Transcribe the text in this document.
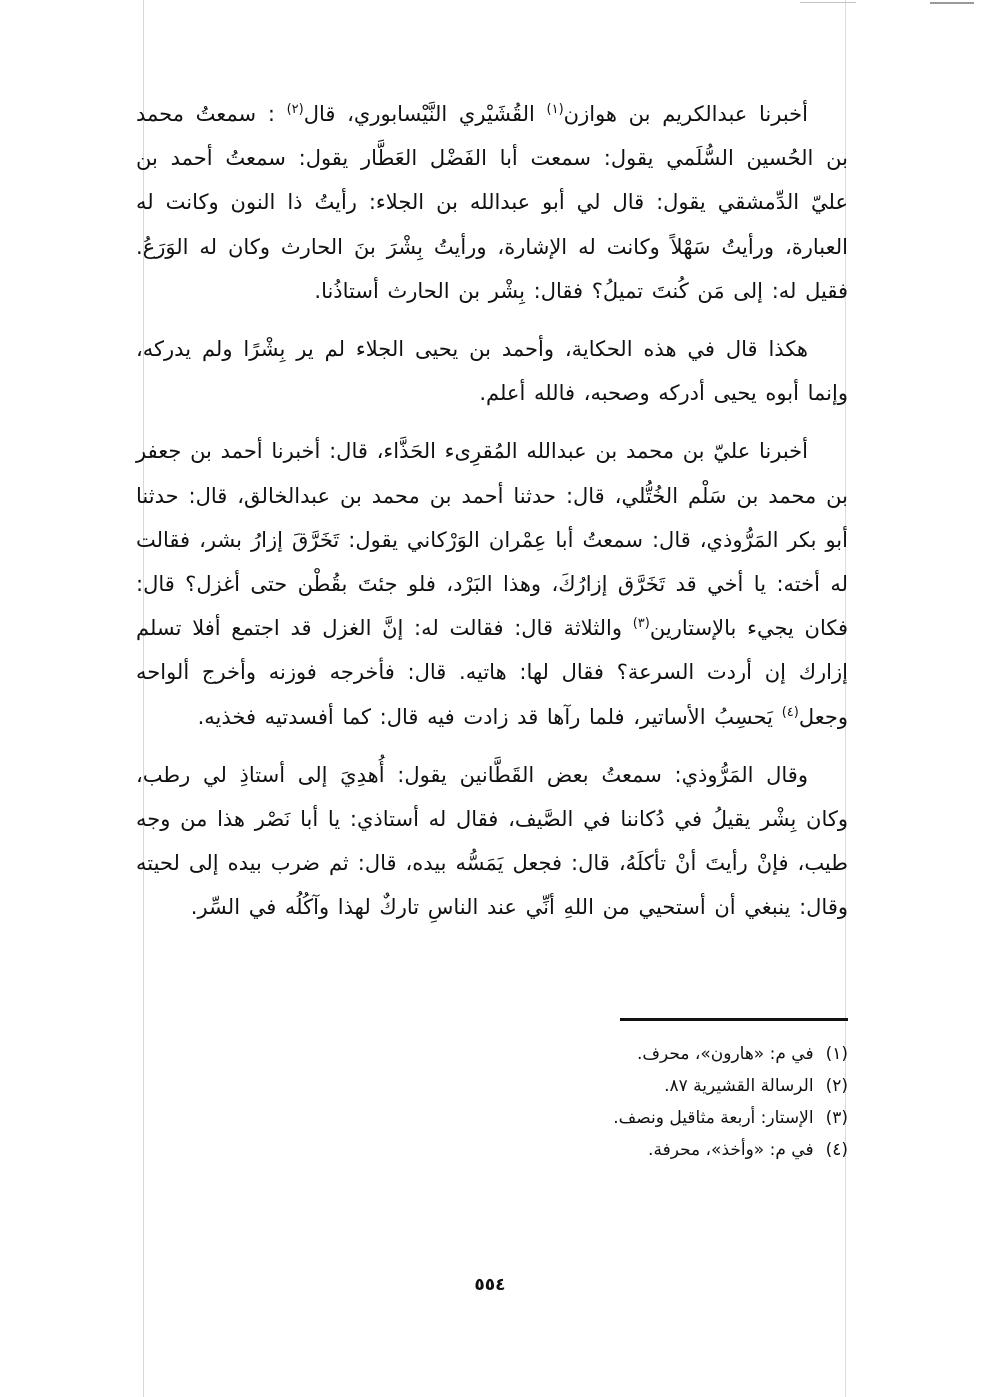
أخبرنا عبدالكريم بن هوازن$^{(١)}$ القُشَيْري النَّيْسابوري، قال$^{(٢)}$ : سمعتُ محمد بن الحُسين السُّلَمي يقول: سمعت أبا الفَضْل العَطَّار يقول: سمعتُ أحمد بن عليّ الدِّمشقي يقول: قال لي أبو عبدالله بن الجلاء: رأيتُ ذا النون وكانت له العبارة، ورأيتُ سَهْلاً وكانت له الإشارة، ورأيتُ بِشْرَ بنَ الحارث وكان له الوَرَعُ. فقيل له: إلى مَن كُنتَ تميلُ؟ فقال: بِشْر بن الحارث أستاذُنا.

هكذا قال في هذه الحكاية، وأحمد بن يحيى الجلاء لم ير بِشْرًا ولم يدركه، وإنما أبوه يحيى أدركه وصحبه، فالله أعلم.

أخبرنا عليّ بن محمد بن عبدالله المُقرِىء الحَذَّاء، قال: أخبرنا أحمد بن جعفر بن محمد بن سَلْم الخُتُّلي، قال: حدثنا أحمد بن محمد بن عبدالخالق، قال: حدثنا أبو بكر المَرُّوذي، قال: سمعتُ أبا عِمْران الوَرْكاني يقول: تَخَرَّقَ إزارُ بشر، فقالت له أخته: يا أخي قد تَخَرَّق إزارُكَ، وهذا البَرْد، فلو جئتَ بقُطْن حتى أغزل؟ قال: فكان يجيء بالإستارين$^{(٣)}$ والثلاثة قال: فقالت له: إنَّ الغزل قد اجتمع أفلا تسلم إزارك إن أردت السرعة؟ فقال لها: هاتيه. قال: فأخرجه فوزنه وأخرج ألواحه وجعل$^{(٤)}$ يَحسِبُ الأساتير، فلما رآها قد زادت فيه قال: كما أفسدتيه فخذيه.

وقال المَرُّوذي: سمعتُ بعض القَطَّانين يقول: أُهدِيَ إلى أستاذِ لي رطب، وكان بِشْر يقيلُ في دُكاننا في الصَّيف، فقال له أستاذي: يا أبا نَصْر هذا من وجه طيب، فإنْ رأيتَ أنْ تأكلَهُ، قال: فجعل يَمَسُّه بيده، قال: ثم ضرب بيده إلى لحيته وقال: ينبغي أن أستحيي من اللهِ أنِّي عند الناسِ تاركٌ لهذا وآكُلُه في السِّر.

(١)في م: «هارون»، محرف.
(٢)الرسالة القشيرية ٨٧.
(٣)الإستار: أربعة مثاقيل ونصف.
(٤)في م: «وأخذ»، محرفة.
٥٥٤
